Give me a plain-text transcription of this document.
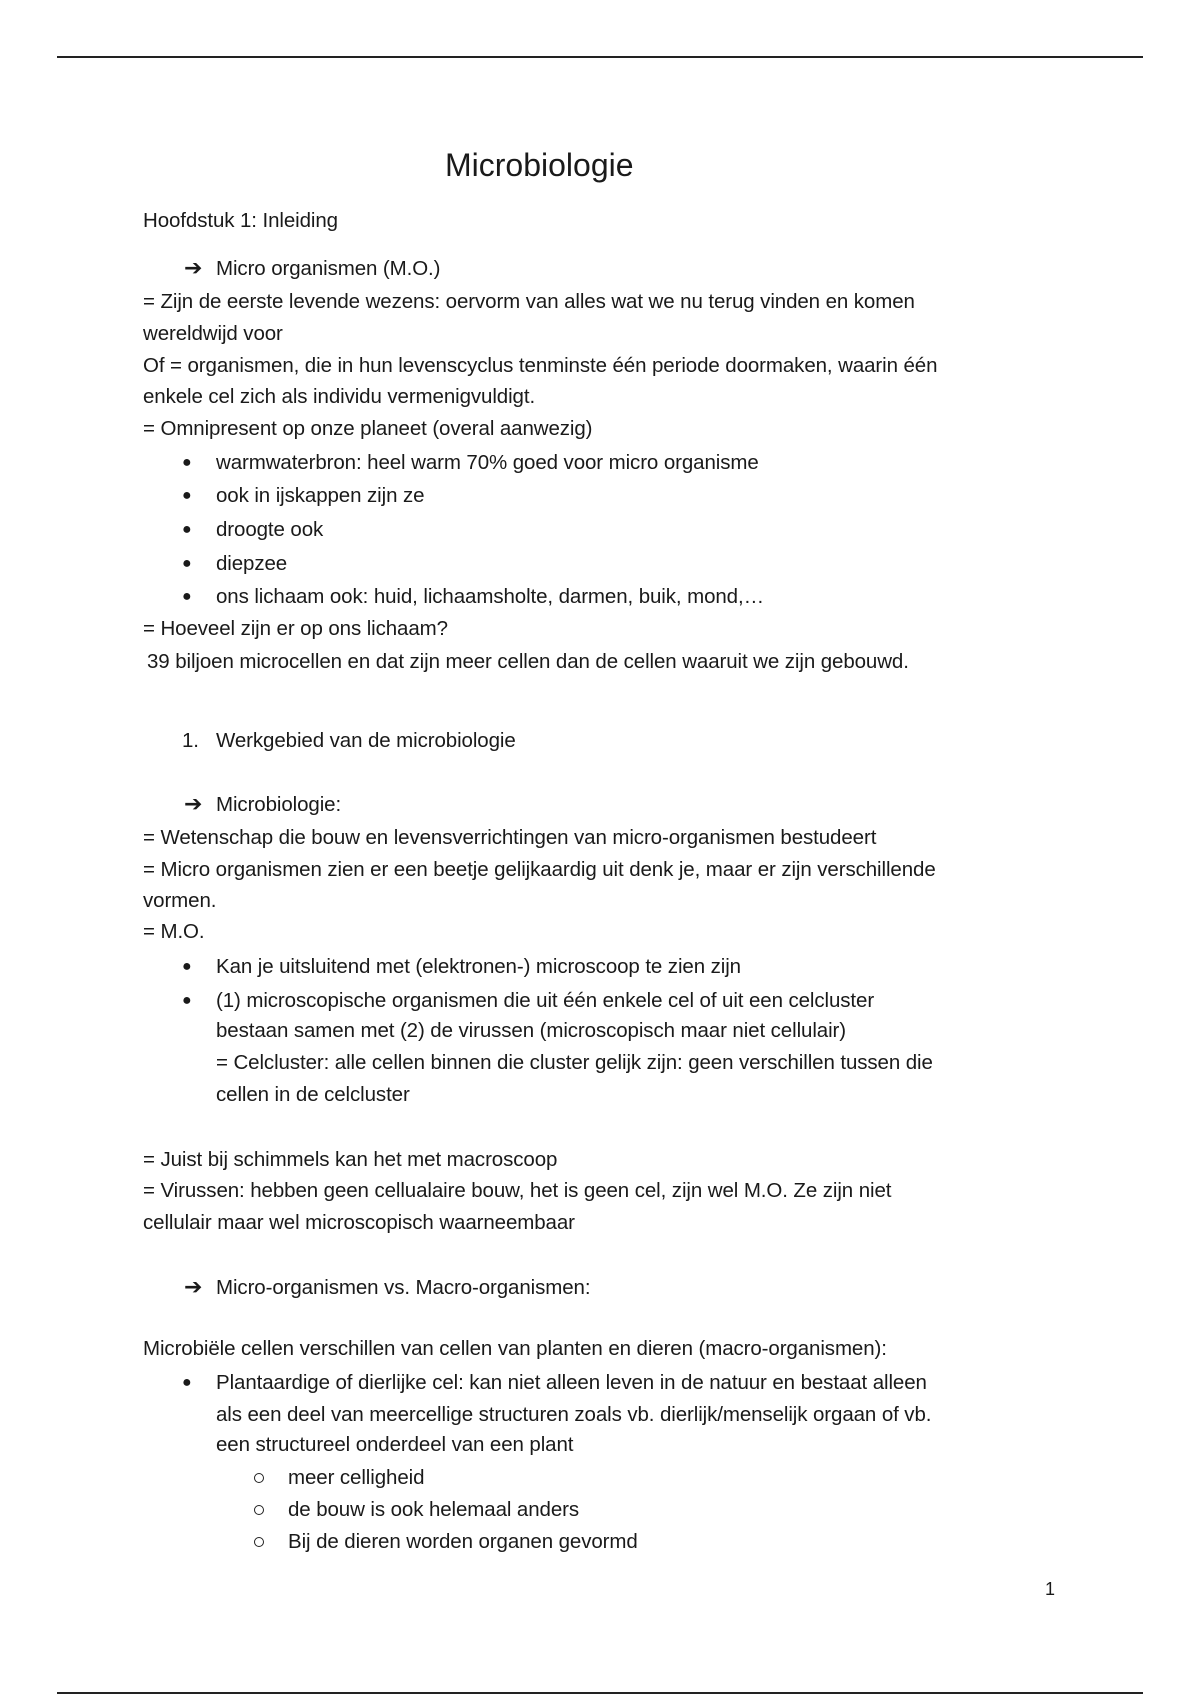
Microbiologie
Hoofdstuk 1: Inleiding
➔ Micro organismen (M.O.)
= Zijn de eerste levende wezens: oervorm van alles wat we nu terug vinden en komen
wereldwijd voor
Of = organismen, die in hun levenscyclus tenminste één periode doormaken, waarin één
enkele cel zich als individu vermenigvuldigt.
= Omnipresent op onze planeet (overal aanwezig)
● warmwaterbron: heel warm 70% goed voor micro organisme
● ook in ijskappen zijn ze
● droogte ook
● diepzee
● ons lichaam ook: huid, lichaamsholte, darmen, buik, mond,…
= Hoeveel zijn er op ons lichaam?
39 biljoen microcellen en dat zijn meer cellen dan de cellen waaruit we zijn gebouwd.
1. Werkgebied van de microbiologie
➔ Microbiologie:
= Wetenschap die bouw en levensverrichtingen van micro-organismen bestudeert
= Micro organismen zien er een beetje gelijkaardig uit denk je, maar er zijn verschillende
vormen.
= M.O.
● Kan je uitsluitend met (elektronen-) microscoop te zien zijn
● (1) microscopische organismen die uit één enkele cel of uit een celcluster
bestaan samen met (2) de virussen (microscopisch maar niet cellulair)
= Celcluster: alle cellen binnen die cluster gelijk zijn: geen verschillen tussen die
cellen in de celcluster
= Juist bij schimmels kan het met macroscoop
= Virussen: hebben geen cellualaire bouw, het is geen cel, zijn wel M.O. Ze zijn niet
cellulair maar wel microscopisch waarneembaar
➔ Micro-organismen vs. Macro-organismen:
Microbiële cellen verschillen van cellen van planten en dieren (macro-organismen):
● Plantaardige of dierlijke cel: kan niet alleen leven in de natuur en bestaat alleen
als een deel van meercellige structuren zoals vb. dierlijk/menselijk orgaan of vb.
een structureel onderdeel van een plant
meer celligheid
de bouw is ook helemaal anders
Bij de dieren worden organen gevormd
1
